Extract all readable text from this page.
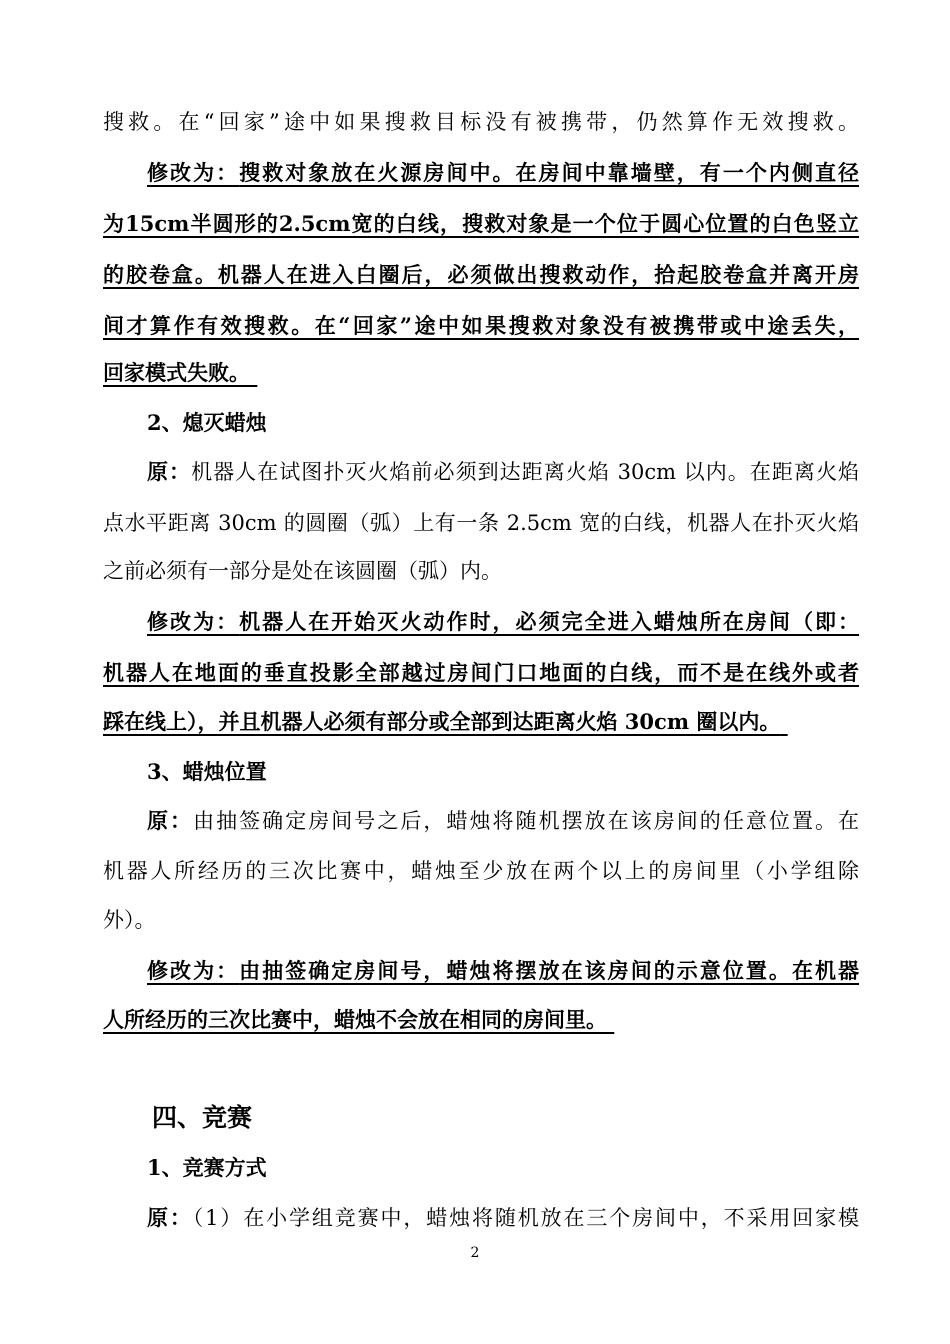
搜救。在“回家”途中如果搜救目标没有被携带，仍然算作无效搜救。
修改为：搜救对象放在火源房间中。在房间中靠墙壁，有一个内侧直径
为15cm半圆形的2.5cm宽的白线，搜救对象是一个位于圆心位置的白色竖立
的胶卷盒。机器人在进入白圈后，必须做出搜救动作，拾起胶卷盒并离开房
间才算作有效搜救。在“回家”途中如果搜救对象没有被携带或中途丢失，
回家模式失败。
2、熄灭蜡烛
原：机器人在试图扑灭火焰前必须到达距离火焰 30cm 以内。在距离火焰
点水平距离 30cm 的圆圈（弧）上有一条 2.5cm 宽的白线，机器人在扑灭火焰
之前必须有一部分是处在该圆圈（弧）内。
修改为：机器人在开始灭火动作时，必须完全进入蜡烛所在房间（即：
机器人在地面的垂直投影全部越过房间门口地面的白线，而不是在线外或者
踩在线上），并且机器人必须有部分或全部到达距离火焰 30cm 圈以内。
3、蜡烛位置
原：由抽签确定房间号之后，蜡烛将随机摆放在该房间的任意位置。在
机器人所经历的三次比赛中，蜡烛至少放在两个以上的房间里（小学组除
外）。
修改为：由抽签确定房间号，蜡烛将摆放在该房间的示意位置。在机器
人所经历的三次比赛中，蜡烛不会放在相同的房间里。
四、竞赛
1、竞赛方式
原：（1）在小学组竞赛中，蜡烛将随机放在三个房间中，不采用回家模
2
